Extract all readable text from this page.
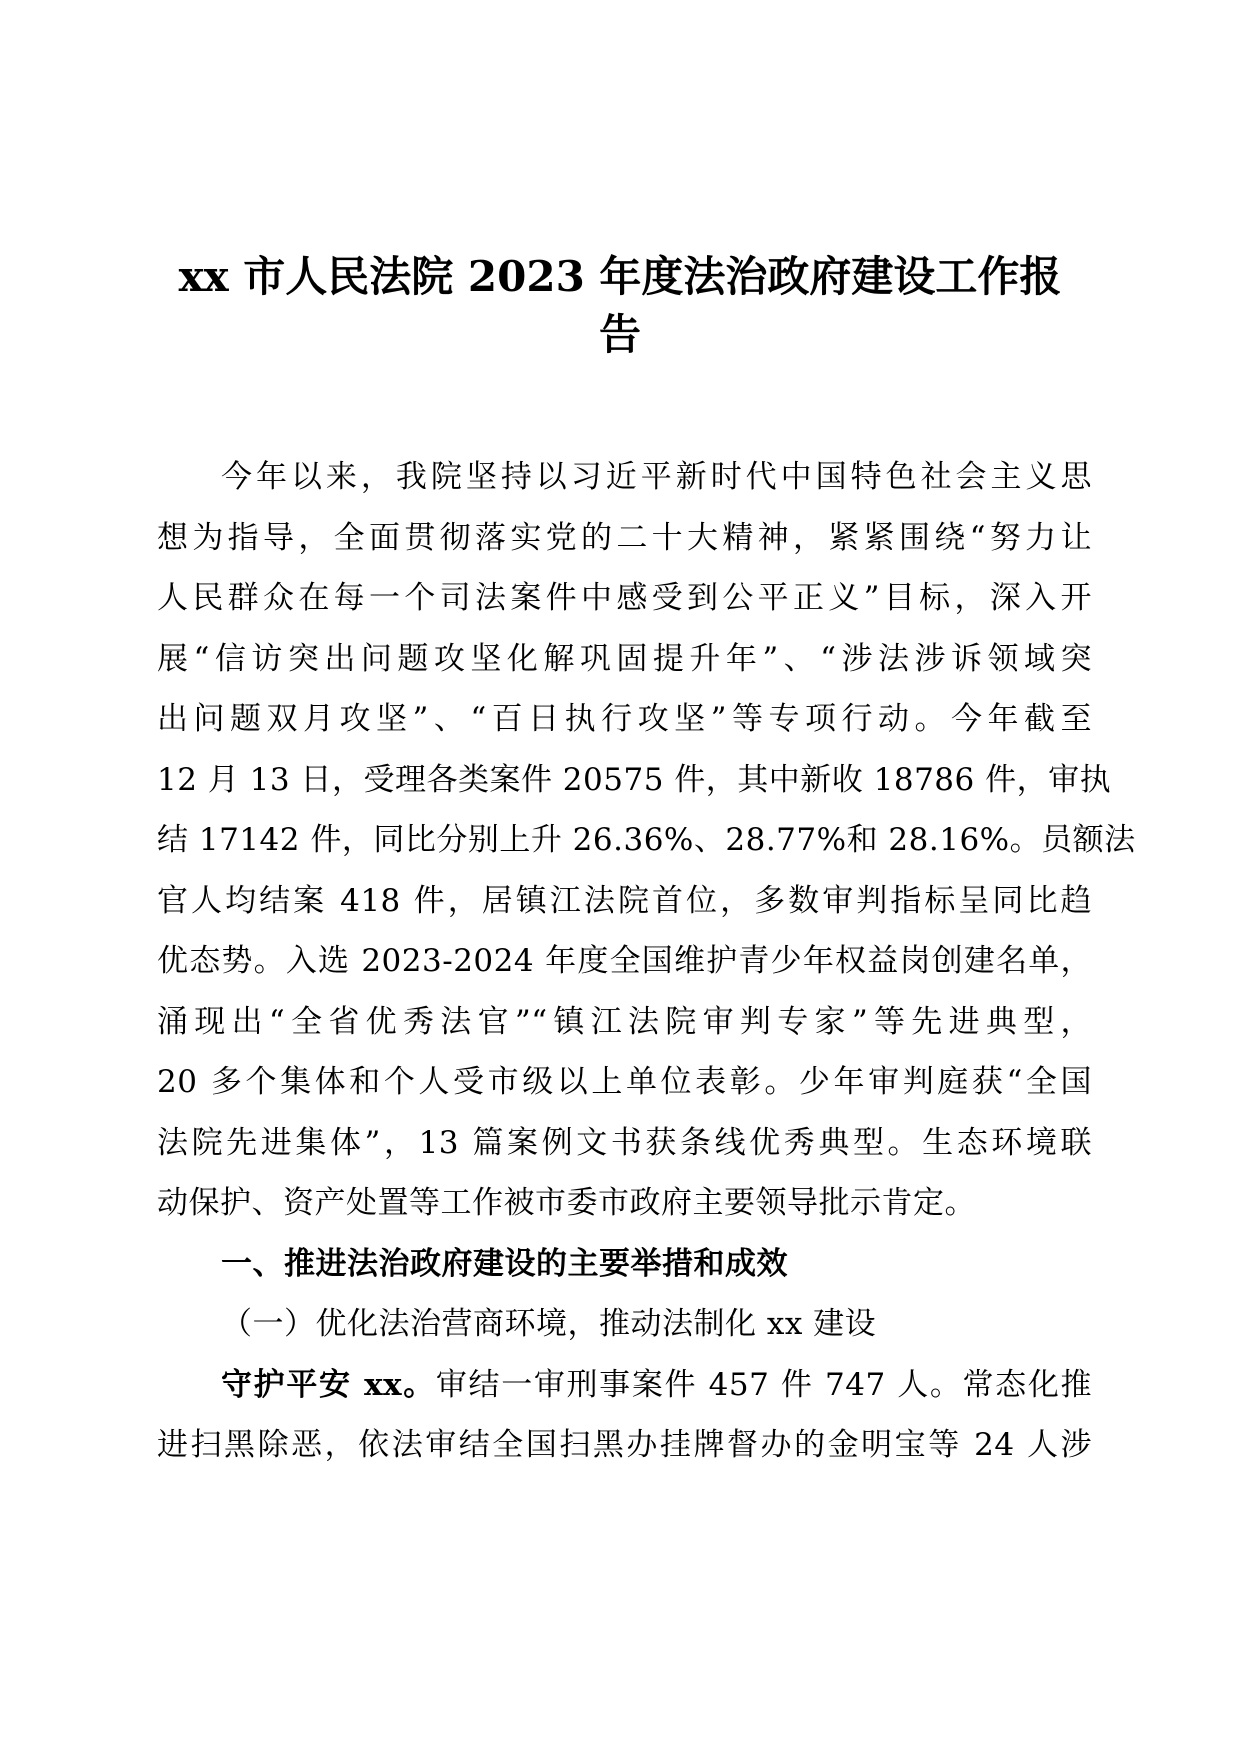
xx 市人民法院 2023 年度法治政府建设工作报
告
今年以来，我院坚持以习近平新时代中国特色社会主义思
想为指导，全面贯彻落实党的二十大精神，紧紧围绕“努力让
人民群众在每一个司法案件中感受到公平正义”目标，深入开
展“信访突出问题攻坚化解巩固提升年”、“涉法涉诉领域突
出问题双月攻坚”、“百日执行攻坚”等专项行动。今年截至
12 月 13 日，受理各类案件 20575 件，其中新收 18786 件，审执
结 17142 件，同比分别上升 26.36%、28.77%和 28.16%。员额法
官人均结案 418 件，居镇江法院首位，多数审判指标呈同比趋
优态势。入选 2023-2024 年度全国维护青少年权益岗创建名单，
涌现出“全省优秀法官”“镇江法院审判专家”等先进典型，
20 多个集体和个人受市级以上单位表彰。少年审判庭获“全国
法院先进集体”，13 篇案例文书获条线优秀典型。生态环境联
动保护、资产处置等工作被市委市政府主要领导批示肯定。
一、推进法治政府建设的主要举措和成效
（一）优化法治营商环境，推动法制化 xx 建设
守护平安 xx。审结一审刑事案件 457 件 747 人。常态化推
进扫黑除恶，依法审结全国扫黑办挂牌督办的金明宝等 24 人涉
